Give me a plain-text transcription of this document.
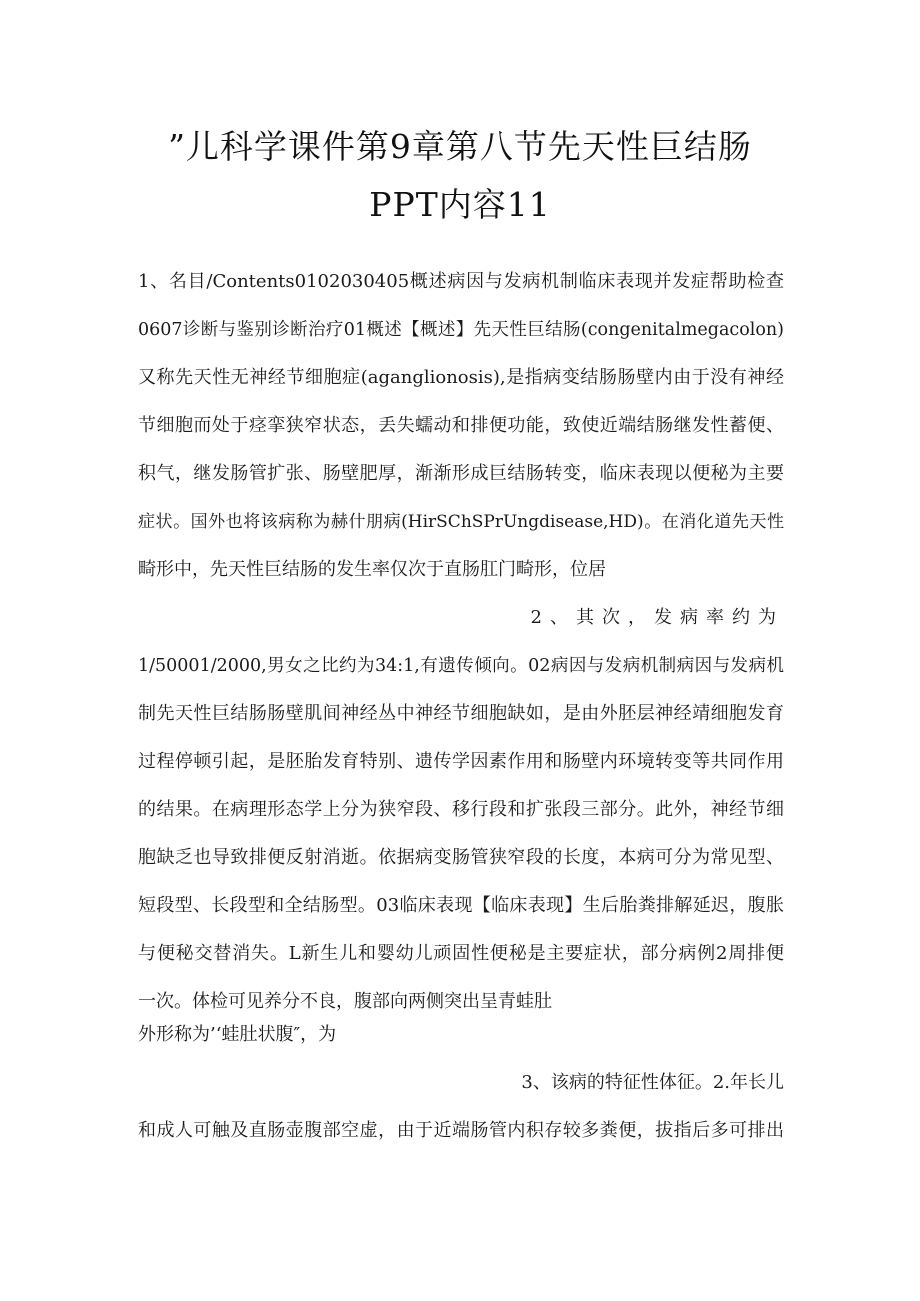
”儿科学课件第9章第八节先天性巨结肠
PPT内容11
1、名目/Contents0102030405概述病因与发病机制临床表现并发症帮助检查
0607诊断与鉴别诊断治疗01概述【概述】先天性巨结肠(congenitalmegacolon)
又称先天性无神经节细胞症(aganglionosis),是指病变结肠肠壁内由于没有神经
节细胞而处于痉挛狭窄状态，丢失蠕动和排便功能，致使近端结肠继发性蓄便、
积气，继发肠管扩张、肠壁肥厚，渐渐形成巨结肠转变，临床表现以便秘为主要
症状。国外也将该病称为赫什朋病(HirSChSPrUngdisease,HD)。在消化道先天性
畸形中，先天性巨结肠的发生率仅次于直肠肛门畸形，位居
2、其次，发病率约为
1/50001/2000,男女之比约为34:1,有遗传倾向。02病因与发病机制病因与发病机
制先天性巨结肠肠壁肌间神经丛中神经节细胞缺如，是由外胚层神经靖细胞发育
过程停顿引起，是胚胎发育特别、遗传学因素作用和肠壁内环境转变等共同作用
的结果。在病理形态学上分为狭窄段、移行段和扩张段三部分。此外，神经节细
胞缺乏也导致排便反射消逝。依据病变肠管狭窄段的长度，本病可分为常见型、
短段型、长段型和全结肠型。03临床表现【临床表现】生后胎粪排解延迟，腹胀
与便秘交替消失。L新生儿和婴幼儿顽固性便秘是主要症状，部分病例2周排便
一次。体检可见养分不良，腹部向两侧突出呈青蛙肚
外形称为’‘蛙肚状腹″，为
3、该病的特征性体征。2.年长儿
和成人可触及直肠壶腹部空虚，由于近端肠管内积存较多粪便，拔指后多可排出
